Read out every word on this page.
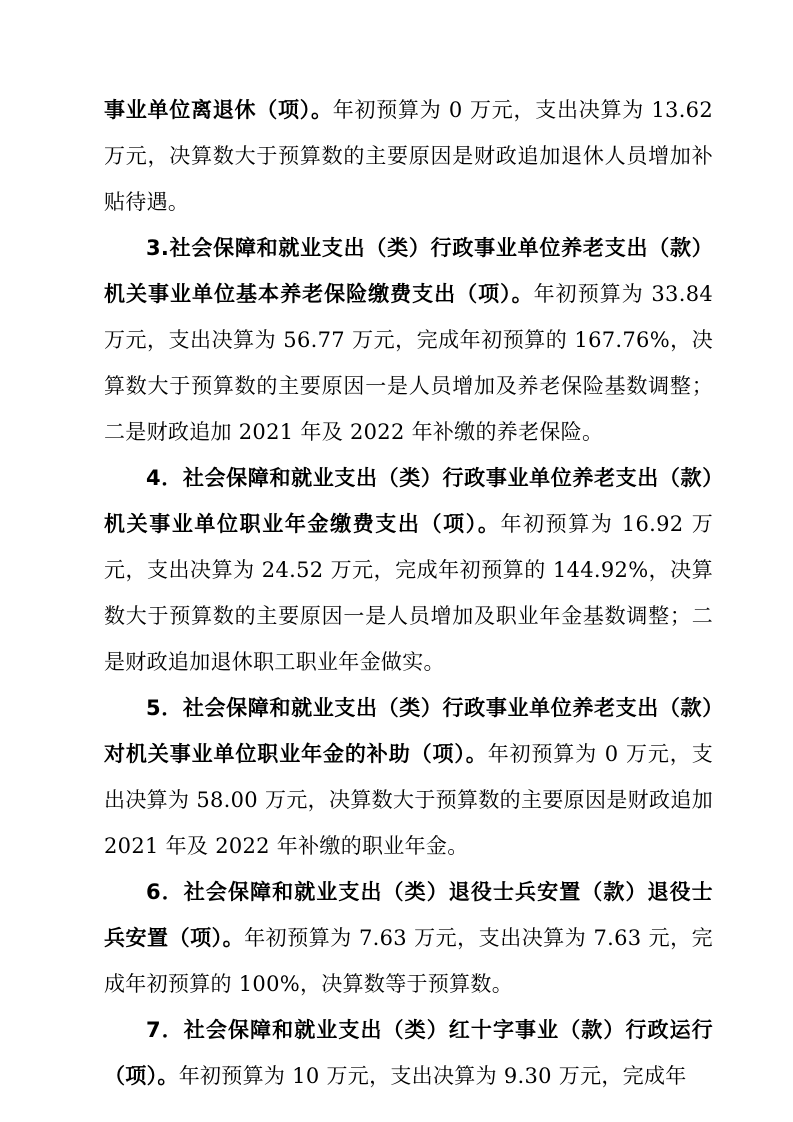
事业单位离退休（项）。年初预算为 0 万元，支出决算为 13.62 万元，决算数大于预算数的主要原因是财政追加退休人员增加补贴待遇。

3.社会保障和就业支出（类）行政事业单位养老支出（款）机关事业单位基本养老保险缴费支出（项）。年初预算为 33.84 万元，支出决算为 56.77 万元，完成年初预算的 167.76%，决算数大于预算数的主要原因一是人员增加及养老保险基数调整；二是财政追加 2021 年及 2022 年补缴的养老保险。

4．社会保障和就业支出（类）行政事业单位养老支出（款）机关事业单位职业年金缴费支出（项）。年初预算为 16.92 万元，支出决算为 24.52 万元，完成年初预算的 144.92%，决算数大于预算数的主要原因一是人员增加及职业年金基数调整；二是财政追加退休职工职业年金做实。

5．社会保障和就业支出（类）行政事业单位养老支出（款）对机关事业单位职业年金的补助（项）。年初预算为 0 万元，支出决算为 58.00 万元，决算数大于预算数的主要原因是财政追加 2021 年及 2022 年补缴的职业年金。

6．社会保障和就业支出（类）退役士兵安置（款）退役士兵安置（项）。年初预算为 7.63 万元，支出决算为 7.63 元，完成年初预算的 100%，决算数等于预算数。

7．社会保障和就业支出（类）红十字事业（款）行政运行（项）。年初预算为 10 万元，支出决算为 9.30 万元，完成年
